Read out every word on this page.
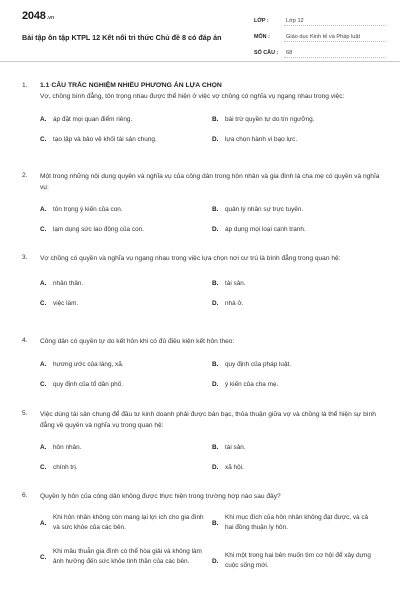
2048.vn
Bài tập ôn tập KTPL 12 Kết nối tri thức Chủ đề 8 có đáp án
LỚP :	Lớp 12
MÔN :	Giáo dục Kinh tế và Pháp luật
SỐ CÂU :	68
1. 1.1 CÂU TRẮC NGHIỆM NHIỀU PHƯƠNG ÁN LỰA CHỌN
Vợ, chồng bình đẳng, tôn trọng nhau được thể hiện ở việc vợ chồng có nghĩa vụ ngang nhau trong việc:
A. áp đặt mọi quan điểm riêng.	B. bài trừ quyền tự do tín ngưỡng.
C. tạo lập và bảo vệ khối tài sản chung.	D. lựa chọn hành vi bạo lực.
2. Một trong những nội dung quyền và nghĩa vụ của công dân trong hôn nhân và gia đình là cha mẹ có quyền và nghĩa vụ:
A. tôn trọng ý kiến của con.	B. quản lý nhân sự trực tuyến.
C. lạm dụng sức lao động của con.	D. áp dụng mọi loại cạnh tranh.
3. Vợ chồng có quyền và nghĩa vụ ngang nhau trong việc lựa chọn nơi cư trú là bình đẳng trong quan hệ:
A. nhân thân.	B. tài sản.
C. việc làm.	D. nhà ở.
4. Công dân có quyền tự do kết hôn khi có đủ điều kiện kết hôn theo:
A. hương ước của làng, xã.	B. quy định của pháp luật.
C. quy định của tổ dân phố.	D. ý kiến của cha mẹ.
5. Việc dùng tài sản chung để đầu tư kinh doanh phải được bàn bạc, thỏa thuận giữa vợ và chồng là thể hiện sự bình đẳng về quyền và nghĩa vụ trong quan hệ:
A. hôn nhân.	B. tài sản.
C. chính trị.	D. xã hội.
6. Quyền ly hôn của công dân không được thực hiện trong trường hợp nào sau đây?
A.
Khi hôn nhân không còn mang lại lợi ích cho gia đình và sức khỏe của các bên.
B.
Khi mục đích của hôn nhân không đạt được, và cả hai đồng thuận ly hôn.
C.
Khi mâu thuẫn gia đình có thể hòa giải và không làm ảnh hưởng đến sức khỏe tinh thần của các bên.	D.
Khi một trong hai bên muốn tìm cơ hội để xây dựng cuộc sống mới.
